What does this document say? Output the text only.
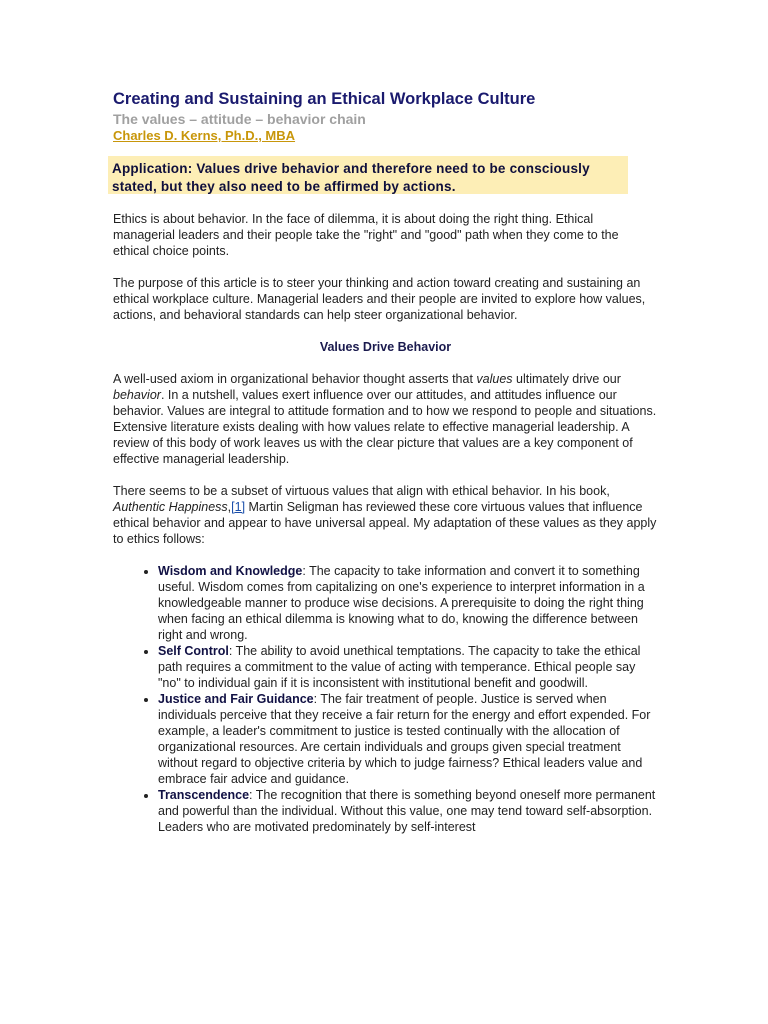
Creating and Sustaining an Ethical Workplace Culture
The values – attitude – behavior chain
Charles D. Kerns, Ph.D., MBA

Application: Values drive behavior and therefore need to be consciously stated, but they also need to be affirmed by actions.

Ethics is about behavior. In the face of dilemma, it is about doing the right thing. Ethical managerial leaders and their people take the "right" and "good" path when they come to the ethical choice points.

The purpose of this article is to steer your thinking and action toward creating and sustaining an ethical workplace culture. Managerial leaders and their people are invited to explore how values, actions, and behavioral standards can help steer organizational behavior.

Values Drive Behavior

A well-used axiom in organizational behavior thought asserts that values ultimately drive our behavior. In a nutshell, values exert influence over our attitudes, and attitudes influence our behavior. Values are integral to attitude formation and to how we respond to people and situations. Extensive literature exists dealing with how values relate to effective managerial leadership. A review of this body of work leaves us with the clear picture that values are a key component of effective managerial leadership.

There seems to be a subset of virtuous values that align with ethical behavior. In his book, Authentic Happiness,[1] Martin Seligman has reviewed these core virtuous values that influence ethical behavior and appear to have universal appeal. My adaptation of these values as they apply to ethics follows:

• Wisdom and Knowledge: The capacity to take information and convert it to something useful. Wisdom comes from capitalizing on one's experience to interpret information in a knowledgeable manner to produce wise decisions. A prerequisite to doing the right thing when facing an ethical dilemma is knowing what to do, knowing the difference between right and wrong.
• Self Control: The ability to avoid unethical temptations. The capacity to take the ethical path requires a commitment to the value of acting with temperance. Ethical people say "no" to individual gain if it is inconsistent with institutional benefit and goodwill.
• Justice and Fair Guidance: The fair treatment of people. Justice is served when individuals perceive that they receive a fair return for the energy and effort expended. For example, a leader's commitment to justice is tested continually with the allocation of organizational resources. Are certain individuals and groups given special treatment without regard to objective criteria by which to judge fairness? Ethical leaders value and embrace fair advice and guidance.
• Transcendence: The recognition that there is something beyond oneself more permanent and powerful than the individual. Without this value, one may tend toward self-absorption. Leaders who are motivated predominately by self-interest
